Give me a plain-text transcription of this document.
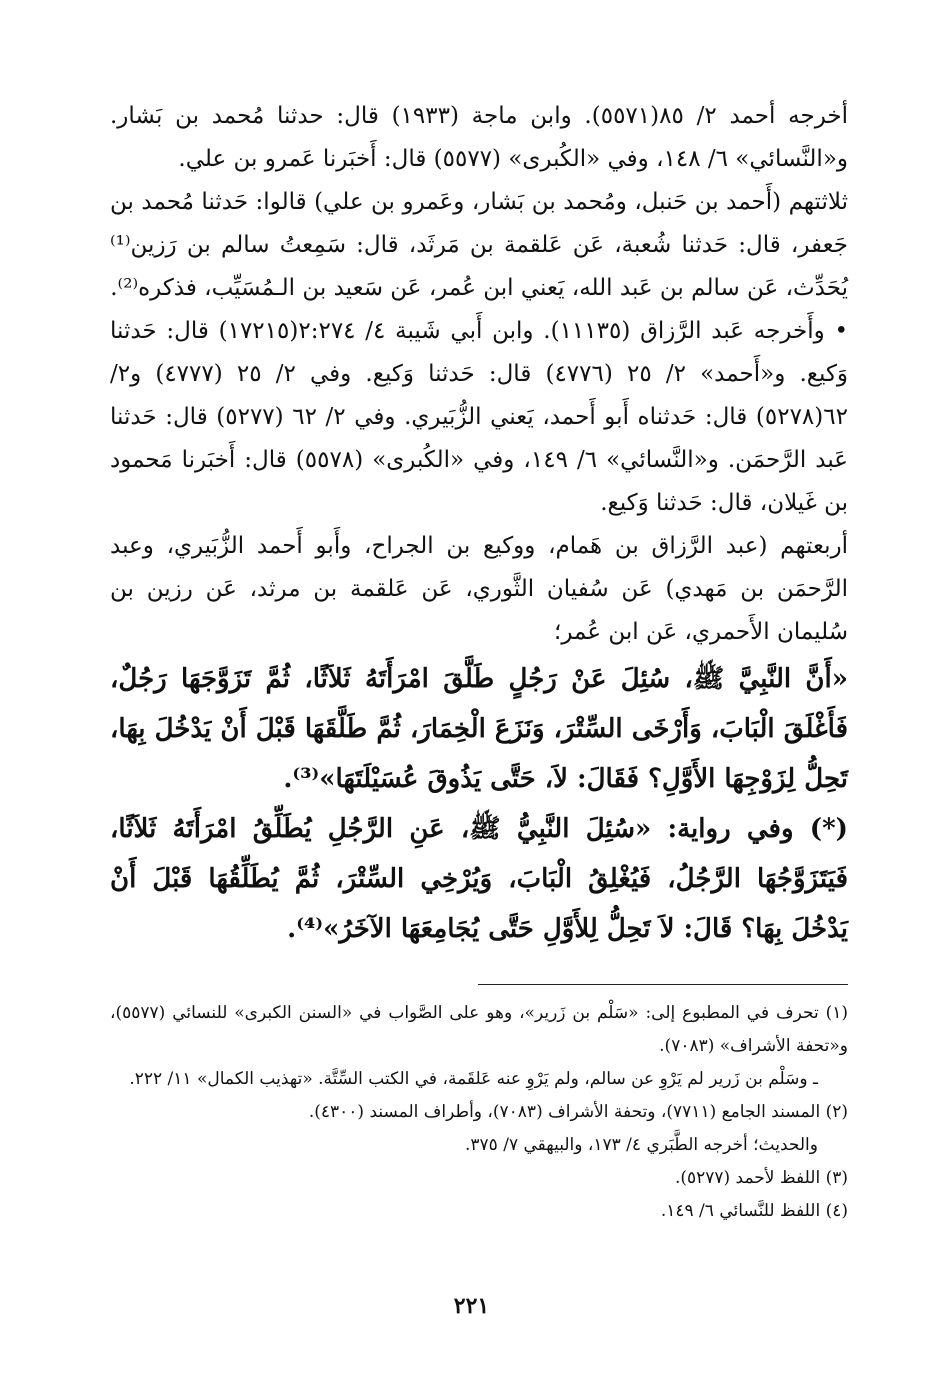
أخرجه أحمد ٢/ ٨٥(٥٥٧١). وابن ماجة (١٩٣٣) قال: حدثنا مُحمد بن بَشار. و«النَّسائي» ٦/ ١٤٨، وفي «الكُبرى» (٥٥٧٧) قال: أَخبَرنا عَمرو بن علي.

ثلاثتهم (أَحمد بن حَنبل، ومُحمد بن بَشار، وعَمرو بن علي) قالوا: حَدثنا مُحمد بن جَعفر، قال: حَدثنا شُعبة، عَن عَلقمة بن مَرثَد، قال: سَمِعتُ سالم بن رَزين⁽¹⁾ يُحَدِّث، عَن سالم بن عَبد الله، يَعني ابن عُمر، عَن سَعيد بن الـمُسَيِّب، فذكره⁽²⁾.

• وأَخرجه عَبد الرَّزاق (١١١٣٥). وابن أَبي شَيبة ٤/ ٢:٢٧٤(١٧٢١٥) قال: حَدثنا وَكيع. و«أَحمد» ٢/ ٢٥ (٤٧٧٦) قال: حَدثنا وَكيع. وفي ٢/ ٢٥ (٤٧٧٧) و٢/ ٦٢(٥٢٧٨) قال: حَدثناه أَبو أَحمد، يَعني الزُّبَيري. وفي ٢/ ٦٢ (٥٢٧٧) قال: حَدثنا عَبد الرَّحمَن. و«النَّسائي» ٦/ ١٤٩، وفي «الكُبرى» (٥٥٧٨) قال: أَخبَرنا مَحمود بن غَيلان، قال: حَدثنا وَكيع.

أربعتهم (عبد الرَّزاق بن هَمام، ووكيع بن الجراح، وأَبو أَحمد الزُّبَيري، وعبد الرَّحمَن بن مَهدي) عَن سُفيان الثَّوري، عَن عَلقمة بن مرثد، عَن رزين بن سُليمان الأَحمري، عَن ابن عُمر؛

«أَنَّ النَّبِيَّ ﷺ، سُئِلَ عَنْ رَجُلٍ طَلَّقَ امْرَأَتَهُ ثَلاَثًا، ثُمَّ تَزَوَّجَهَا رَجُلٌ، فَأَغْلَقَ الْبَابَ، وَأَرْخَى السِّتْرَ، وَنَزَعَ الْخِمَارَ، ثُمَّ طَلَّقَهَا قَبْلَ أَنْ يَدْخُلَ بِهَا، تَحِلُّ لِزَوْجِهَا الأَوَّلِ؟ فَقَالَ: لاَ، حَتَّى يَذُوقَ عُسَيْلَتَهَا»⁽³⁾.

(*) وفي رواية: «سُئِلَ النَّبِيُّ ﷺ، عَنِ الرَّجُلِ يُطَلِّقُ امْرَأَتَهُ ثَلاَثًا، فَيَتَزَوَّجُهَا الرَّجُلُ، فَيُغْلِقُ الْبَابَ، وَيُرْخِي السِّتْرَ، ثُمَّ يُطَلِّقُهَا قَبْلَ أَنْ يَدْخُلَ بِهَا؟ قَالَ: لاَ تَحِلُّ لِلأَوَّلِ حَتَّى يُجَامِعَهَا الآخَرُ»⁽⁴⁾.

(١) تحرف في المطبوع إلى: «سَلْم بن زَرير»، وهو على الصَّواب في «السنن الكبرى» للنسائي (٥٥٧٧)، و«تحفة الأشراف» (٧٠٨٣).

ـ وسَلْم بن زَرير لم يَرْوِ عن سالم، ولم يَرْوِ عنه عَلقَمة، في الكتب السِّتَّة. «تهذيب الكمال» ١١/ ٢٢٢.

(٢) المسند الجامع (٧٧١١)، وتحفة الأشراف (٧٠٨٣)، وأطراف المسند (٤٣٠٠).

والحديث؛ أخرجه الطَّبَري ٤/ ١٧٣، والبيهقي ٧/ ٣٧٥.

(٣) اللفظ لأحمد (٥٢٧٧).

(٤) اللفظ للنَّسائي ٦/ ١٤٩.

٢٢١
